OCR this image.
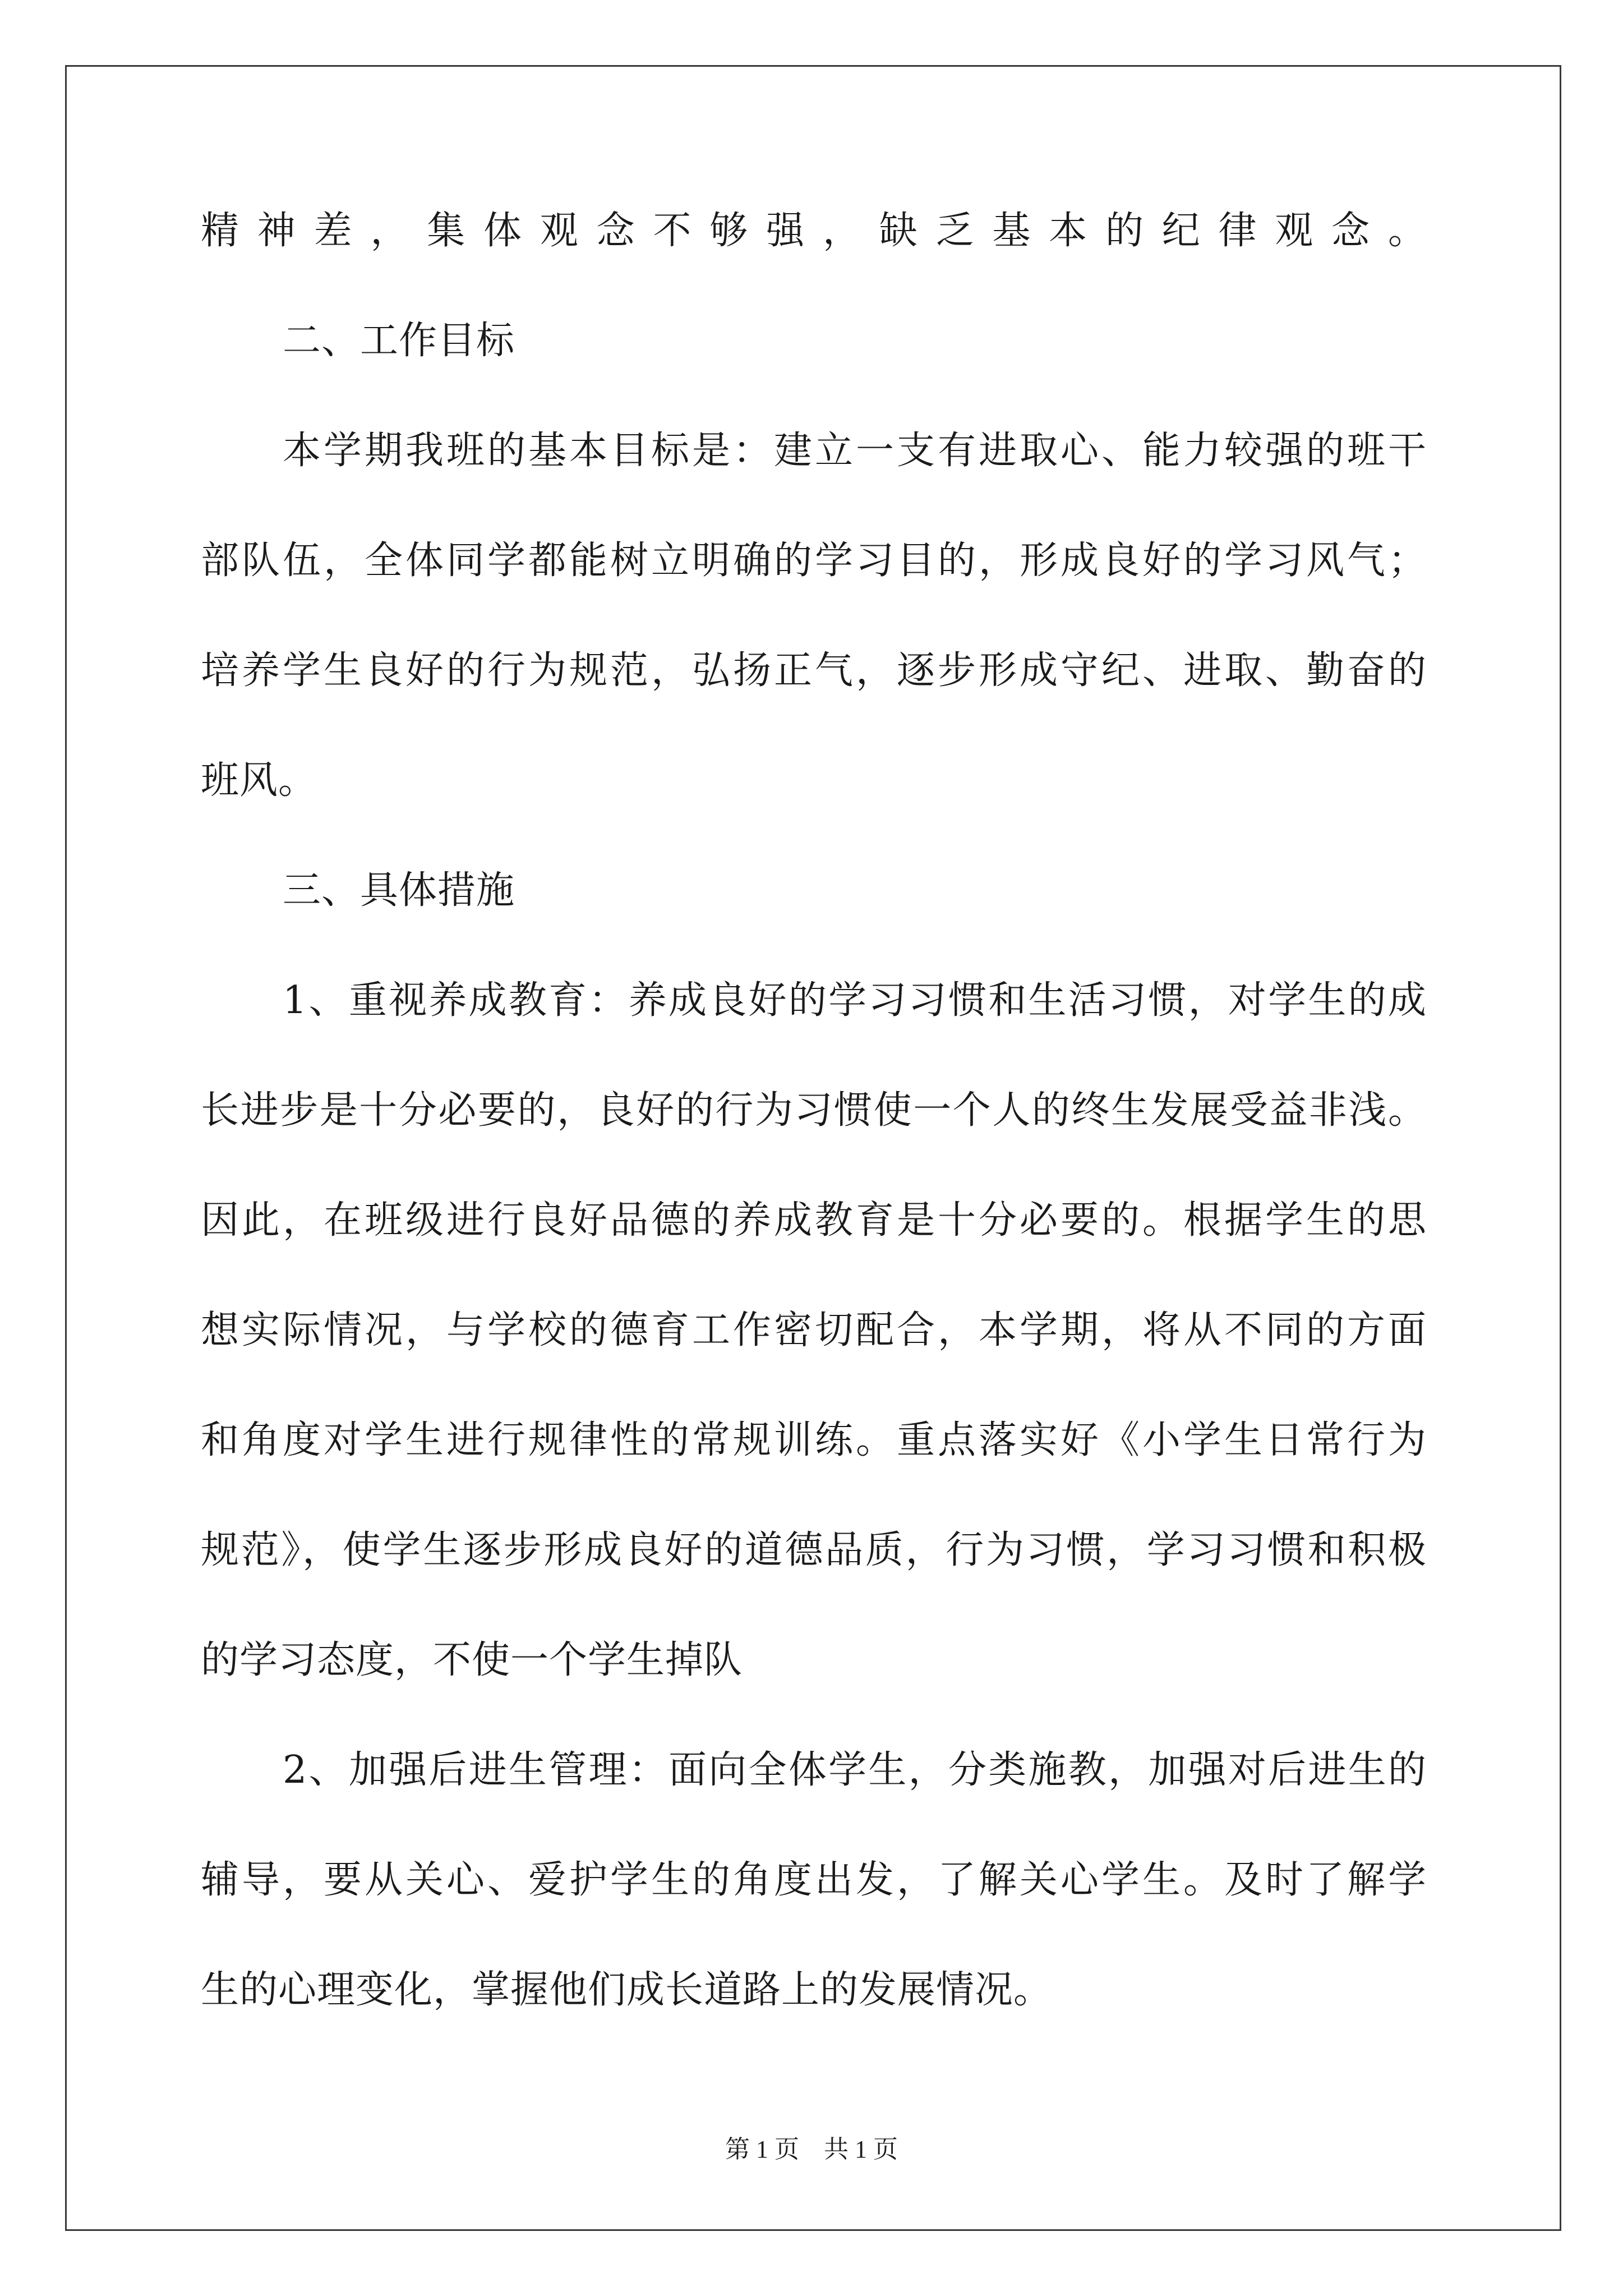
精神差，集体观念不够强，缺乏基本的纪律观念。
二、工作目标
本学期我班的基本目标是：建立一支有进取心、能力较强的班干
部队伍，全体同学都能树立明确的学习目的，形成良好的学习风气；
培养学生良好的行为规范，弘扬正气，逐步形成守纪、进取、勤奋的
班风。
三、具体措施
1、重视养成教育：养成良好的学习习惯和生活习惯，对学生的成
长进步是十分必要的，良好的行为习惯使一个人的终生发展受益非浅。
因此，在班级进行良好品德的养成教育是十分必要的。根据学生的思
想实际情况，与学校的德育工作密切配合，本学期，将从不同的方面
和角度对学生进行规律性的常规训练。重点落实好《小学生日常行为
规范》，使学生逐步形成良好的道德品质，行为习惯，学习习惯和积极
的学习态度，不使一个学生掉队
2、加强后进生管理：面向全体学生，分类施教，加强对后进生的
辅导，要从关心、爱护学生的角度出发，了解关心学生。及时了解学
生的心理变化，掌握他们成长道路上的发展情况。
第 1 页　共 1 页
